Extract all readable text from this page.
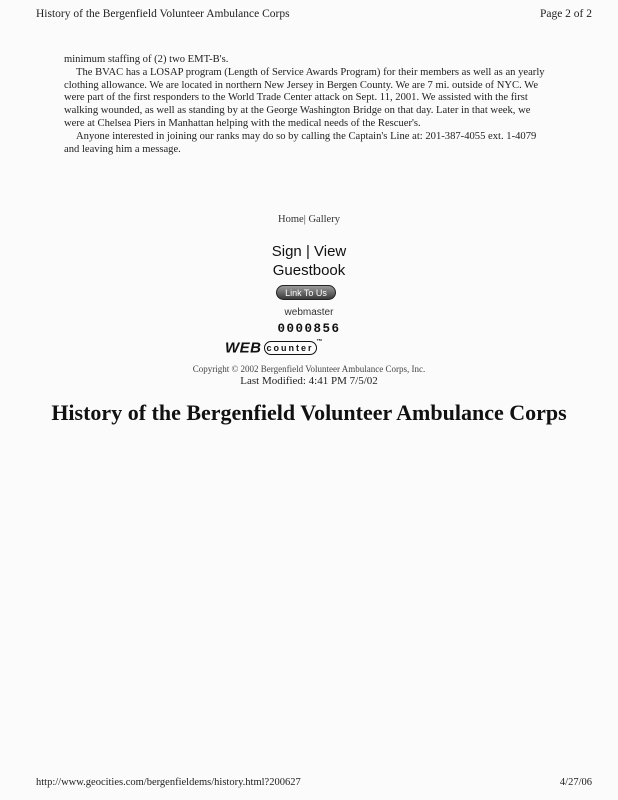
History of the Bergenfield Volunteer Ambulance Corps	Page 2 of 2

minimum staffing of (2) two EMT-B's.

The BVAC has a LOSAP program (Length of Service Awards Program) for their members as well as an yearly clothing allowance. We are located in northern New Jersey in Bergen County. We are 7 mi. outside of NYC. We were part of the first responders to the World Trade Center attack on Sept. 11, 2001. We assisted with the first walking wounded, as well as standing by at the George Washington Bridge on that day. Later in that week, we were at Chelsea Piers in Manhattan helping with the medical needs of the Rescuer's.

Anyone interested in joining our ranks may do so by calling the Captain's Line at: 201-387-4055 ext. 1-4079 and leaving him a message.

Home| Gallery
Sign | View
Guestbook
Link To Us
webmaster
0000856
WEB counter™
Copyright © 2002 Bergenfield Volunteer Ambulance Corps, Inc.
Last Modified: 4:41 PM 7/5/02
History of the Bergenfield Volunteer Ambulance Corps
http://www.geocities.com/bergenfieldems/history.html?200627	4/27/06
